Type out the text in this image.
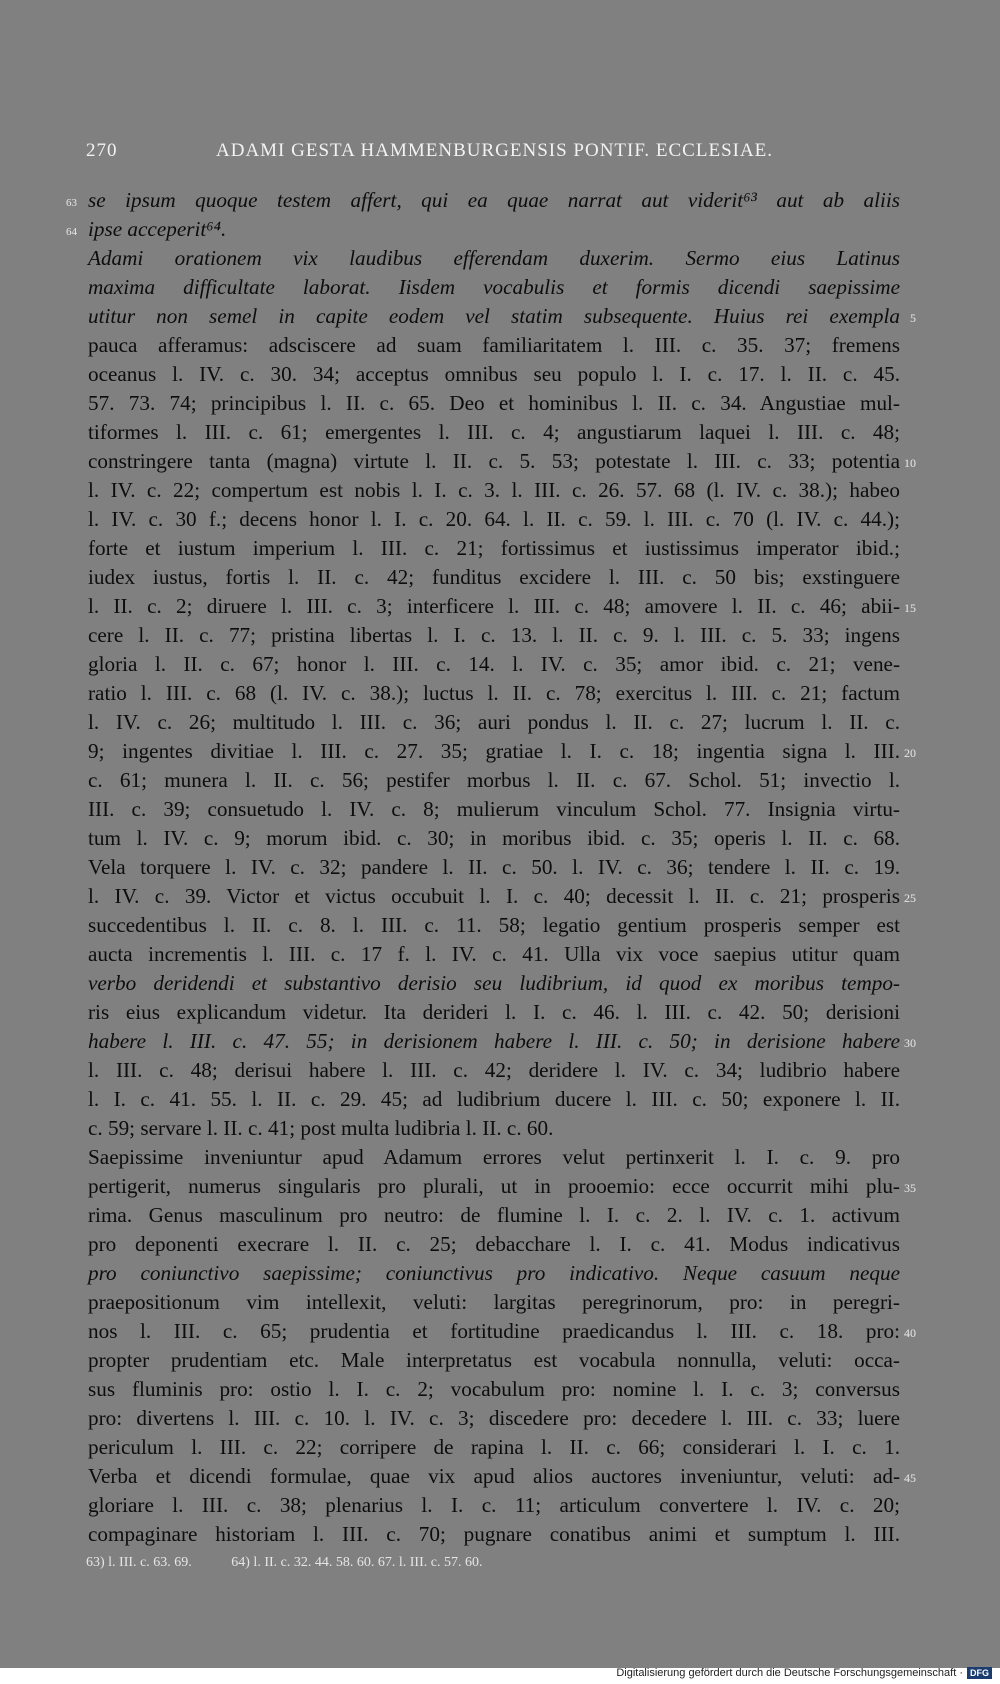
270	ADAMI GESTA HAMMENBURGENSIS PONTIF. ECCLESIAE.
63 se ipsum quoque testem affert, qui ea quae narrat aut viderit⁶³ aut ab aliis
64 ipse acceperit⁶⁴.
Adami orationem vix laudibus efferendam duxerim. Sermo eius Latinus
maxima difficultate laborat. Iisdem vocabulis et formis dicendi saepissime
utitur non semel in capite eodem vel statim subsequente. Huius rei exempla 5
pauca afferamus: adsciscere ad suam familiaritatem l. III. c. 35. 37; fremens
oceanus l. IV. c. 30. 34; acceptus omnibus seu populo l. I. c. 17. l. II. c. 45.
57. 73. 74; principibus l. II. c. 65. Deo et hominibus l. II. c. 34. Angustiae mul-
tiformes l. III. c. 61; emergentes l. III. c. 4; angustiarum laquei l. III. c. 48;
constringere tanta (magna) virtute l. II. c. 5. 53; potestate l. III. c. 33; potentia 10
l. IV. c. 22; compertum est nobis l. I. c. 3. l. III. c. 26. 57. 68 (l. IV. c. 38.); habeo
l. IV. c. 30 f.; decens honor l. I. c. 20. 64. l. II. c. 59. l. III. c. 70 (l. IV. c. 44.);
forte et iustum imperium l. III. c. 21; fortissimus et iustissimus imperator ibid.;
iudex iustus, fortis l. II. c. 42; funditus excidere l. III. c. 50 bis; exstinguere
l. II. c. 2; diruere l. III. c. 3; interficere l. III. c. 48; amovere l. II. c. 46; abii- 15
cere l. II. c. 77; pristina libertas l. I. c. 13. l. II. c. 9. l. III. c. 5. 33; ingens
gloria l. II. c. 67; honor l. III. c. 14. l. IV. c. 35; amor ibid. c. 21; vene-
ratio l. III. c. 68 (l. IV. c. 38.); luctus l. II. c. 78; exercitus l. III. c. 21; factum
l. IV. c. 26; multitudo l. III. c. 36; auri pondus l. II. c. 27; lucrum l. II. c.
9; ingentes divitiae l. III. c. 27. 35; gratiae l. I. c. 18; ingentia signa l. III. 20
c. 61; munera l. II. c. 56; pestifer morbus l. II. c. 67. Schol. 51; invectio l.
III. c. 39; consuetudo l. IV. c. 8; mulierum vinculum Schol. 77. Insignia virtu-
tum l. IV. c. 9; morum ibid. c. 30; in moribus ibid. c. 35; operis l. II. c. 68.
Vela torquere l. IV. c. 32; pandere l. II. c. 50. l. IV. c. 36; tendere l. II. c. 19.
l. IV. c. 39. Victor et victus occubuit l. I. c. 40; decessit l. II. c. 21; prosperis 25
succedentibus l. II. c. 8. l. III. c. 11. 58; legatio gentium prosperis semper est
aucta incrementis l. III. c. 17 f. l. IV. c. 41. Ulla vix voce saepius utitur quam
verbo deridendi et substantivo derisio seu ludibrium, id quod ex moribus tempo-
ris eius explicandum videtur. Ita derideri l. I. c. 46. l. III. c. 42. 50; derisioni
habere l. III. c. 47. 55; in derisionem habere l. III. c. 50; in derisione habere 30
l. III. c. 48; derisui habere l. III. c. 42; deridere l. IV. c. 34; ludibrio habere
l. I. c. 41. 55. l. II. c. 29. 45; ad ludibrium ducere l. III. c. 50; exponere l. II.
c. 59; servare l. II. c. 41; post multa ludibria l. II. c. 60.
Saepissime inveniuntur apud Adamum errores velut pertinxerit l. I. c. 9. pro
pertigerit, numerus singularis pro plurali, ut in prooemio: ecce occurrit mihi plu- 35
rima. Genus masculinum pro neutro: de flumine l. I. c. 2. l. IV. c. 1. activum
pro deponenti execrare l. II. c. 25; debacchare l. I. c. 41. Modus indicativus
pro coniunctivo saepissime; coniunctivus pro indicativo. Neque casuum neque
praepositionum vim intellexit, veluti: largitas peregrinorum, pro: in peregri-
nos l. III. c. 65; prudentia et fortitudine praedicandus l. III. c. 18. pro: 40
propter prudentiam etc. Male interpretatus est vocabula nonnulla, veluti: occa-
sus fluminis pro: ostio l. I. c. 2; vocabulum pro: nomine l. I. c. 3; conversus
pro: divertens l. III. c. 10. l. IV. c. 3; discedere pro: decedere l. III. c. 33; luere
periculum l. III. c. 22; corripere de rapina l. II. c. 66; considerari l. I. c. 1.
Verba et dicendi formulae, quae vix apud alios auctores inveniuntur, veluti: ad- 45
gloriare l. III. c. 38; plenarius l. I. c. 11; articulum convertere l. IV. c. 20;
compaginare historiam l. III. c. 70; pugnare conatibus animi et sumptum l. III.
63) l. III. c. 63. 69.	64) l. II. c. 32. 44. 58. 60. 67. l. III. c. 57. 60.
Digitalisierung gefördert durch die Deutsche Forschungsgemeinschaft · DFG
